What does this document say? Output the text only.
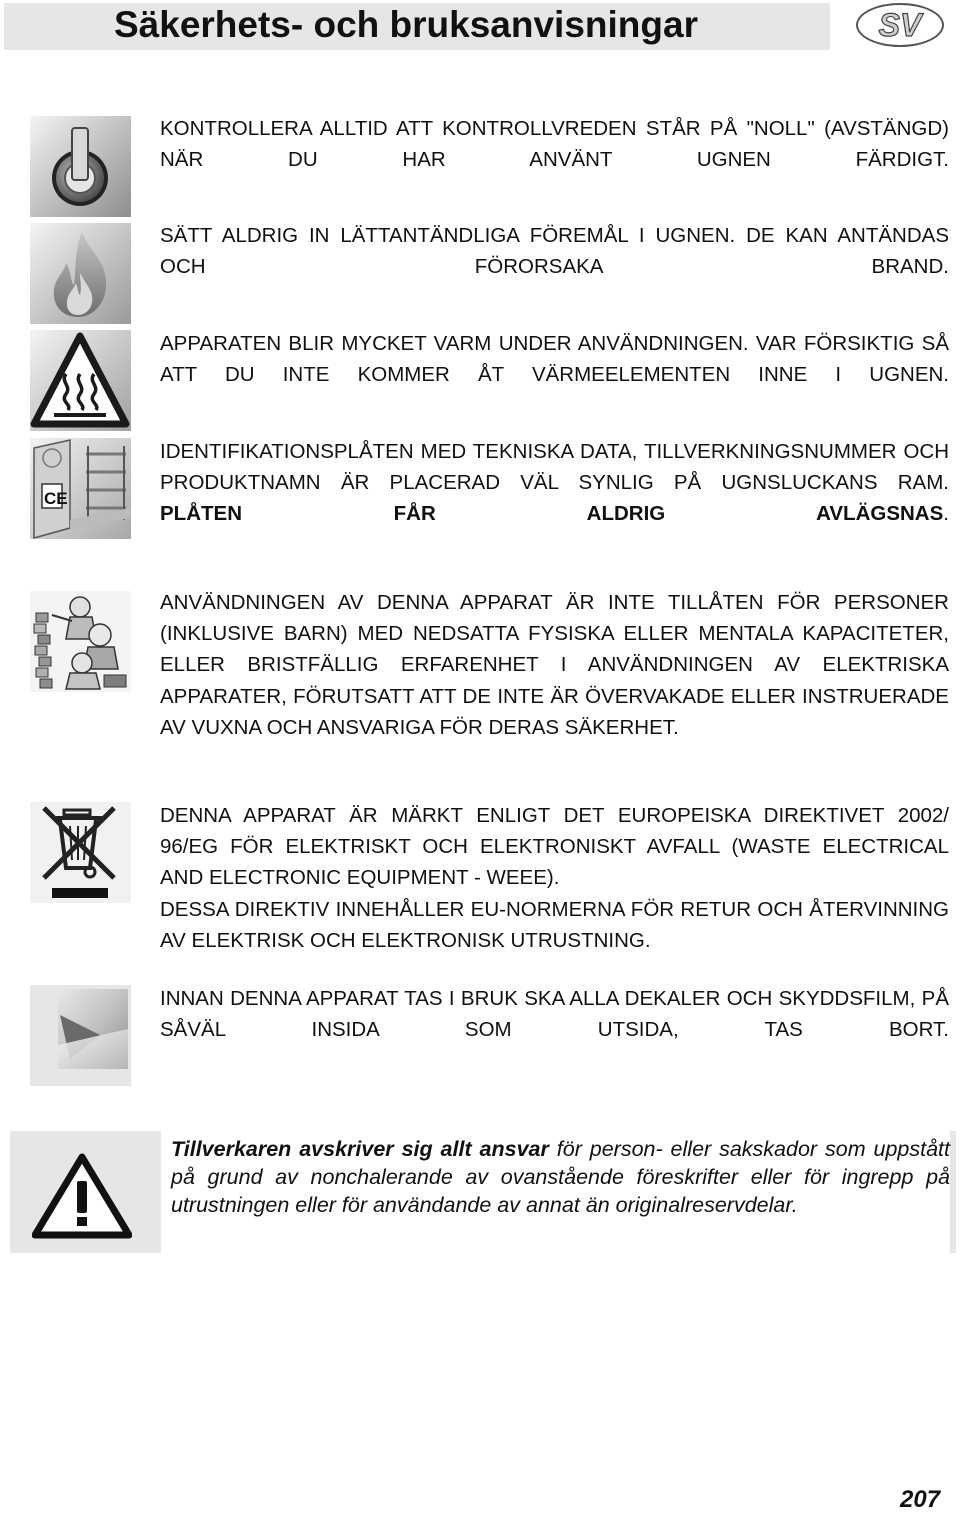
Säkerhets- och bruksanvisningar	SV
KONTROLLERA ALLTID ATT KONTROLLVREDEN STÅR PÅ "NOLL" (AVSTÄNGD) NÄR DU HAR ANVÄNT UGNEN FÄRDIGT.
SÄTT ALDRIG IN LÄTTANTÄNDLIGA FÖREMÅL I UGNEN. DE KAN ANTÄNDAS OCH FÖRORSAKA BRAND.
APPARATEN BLIR MYCKET VARM UNDER ANVÄNDNINGEN. VAR FÖRSIKTIG SÅ ATT DU INTE KOMMER ÅT VÄRMEELEMENTEN INNE I UGNEN.
CE
IDENTIFIKATIONSPLÅTEN MED TEKNISKA DATA, TILLVERKNINGSNUMMER OCH PRODUKTNAMN ÄR PLACERAD VÄL SYNLIG PÅ UGNSLUCKANS RAM.
PLÅTEN FÅR ALDRIG AVLÄGSNAS.
ANVÄNDNINGEN AV DENNA APPARAT ÄR INTE TILLÅTEN FÖR PERSONER (INKLUSIVE BARN) MED NEDSATTA FYSISKA ELLER MENTALA KAPACITETER, ELLER BRISTFÄLLIG ERFARENHET I ANVÄNDNINGEN AV ELEKTRISKA APPARATER, FÖRUTSATT ATT DE INTE ÄR ÖVERVAKADE ELLER INSTRUERADE AV VUXNA OCH ANSVARIGA FÖR DERAS SÄKERHET.
DENNA APPARAT ÄR MÄRKT ENLIGT DET EUROPEISKA DIREKTIVET 2002/ 96/EG FÖR ELEKTRISKT OCH ELEKTRONISKT AVFALL (WASTE ELECTRICAL AND ELECTRONIC EQUIPMENT - WEEE).
DESSA DIREKTIV INNEHÅLLER EU-NORMERNA FÖR RETUR OCH ÅTERVINNING AV ELEKTRISK OCH ELEKTRONISK UTRUSTNING.
INNAN DENNA APPARAT TAS I BRUK SKA ALLA DEKALER OCH SKYDDSFILM, PÅ SÅVÄL INSIDA SOM UTSIDA, TAS BORT.

Tillverkaren avskriver sig allt ansvar för person- eller sakskador som uppstått på grund av nonchalerande av ovanstående föreskrifter eller för ingrepp på utrustningen eller för användande av annat än originalreservdelar.

207
